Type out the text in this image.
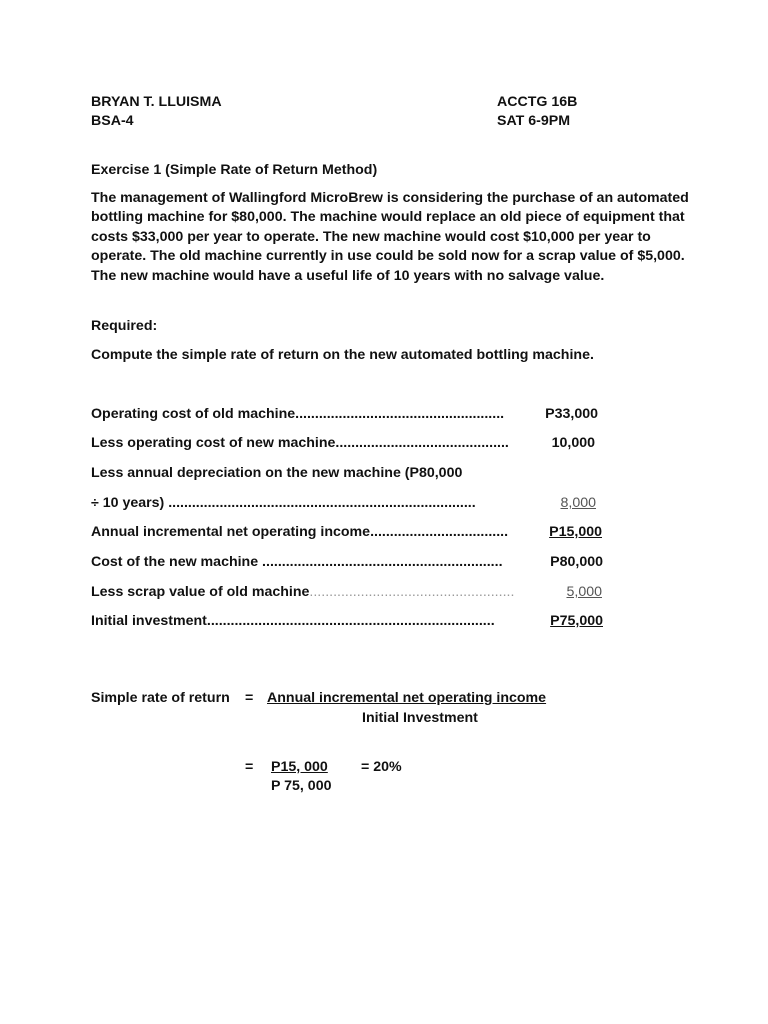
BRYAN T. LLUISMA
BSA-4
ACCTG 16B
SAT 6-9PM
Exercise 1 (Simple Rate of Return Method)
The management of Wallingford MicroBrew is considering the purchase of an automated bottling machine for $80,000. The machine would replace an old piece of equipment that costs $33,000 per year to operate. The new machine would cost $10,000 per year to operate. The old machine currently in use could be sold now for a scrap value of $5,000. The new machine would have a useful life of 10 years with no salvage value.
Required:
Compute the simple rate of return on the new automated bottling machine.
Operating cost of old machine.....................................................	P33,000
Less operating cost of new machine............................................	10,000
Less annual depreciation on the new machine (P80,000
÷ 10 years) ..............................................................................	8,000
Annual incremental net operating income...................................	P15,000
Cost of the new machine .............................................................	P80,000
Less scrap value of old machine....................................................	5,000
Initial investment.........................................................................	P75,000
Simple rate of return = Annual incremental net operating income
Initial Investment
=	P15, 000
P 75, 000
= 20%
